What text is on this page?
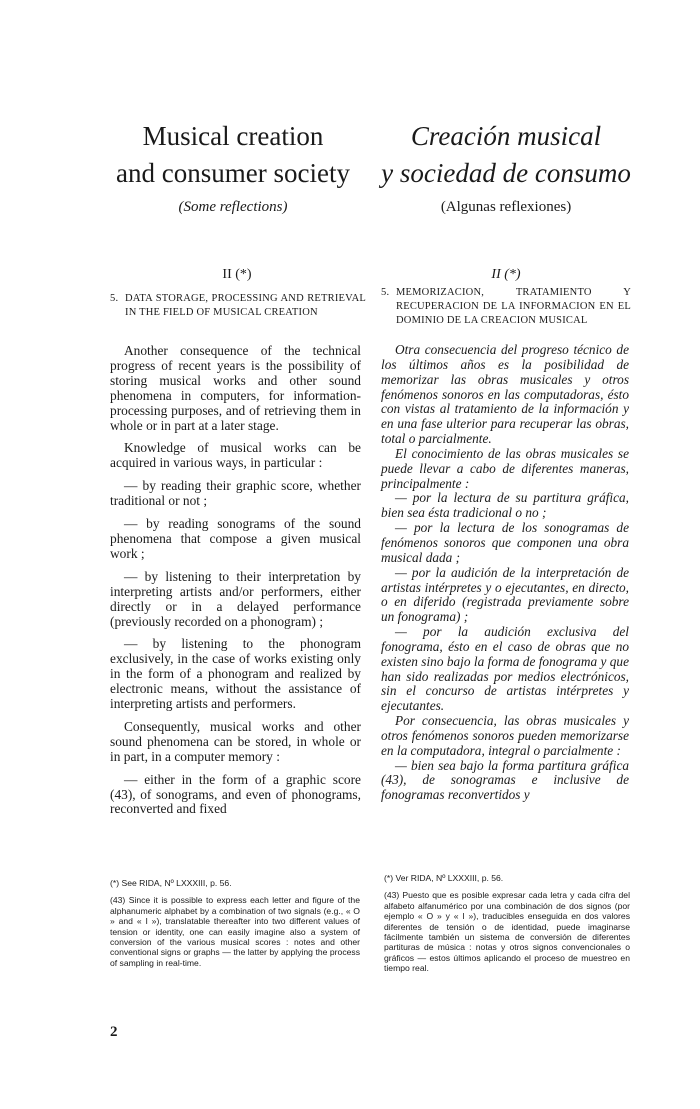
Musical creation
and consumer society
Creación musical
y sociedad de consumo
(Some reflections)	(Algunas reflexiones)
II (*)	II (*)
5. DATA STORAGE, PROCESSING AND RETRIEVAL IN THE FIELD OF MUSICAL CREATION
5. MEMORIZACION, TRATAMIENTO Y RECUPERACION DE LA INFORMACION EN EL DOMINIO DE LA CREACION MUSICAL

Another consequence of the technical progress of recent years is the possibility of storing musical works and other sound phenomena in computers, for information-processing purposes, and of retrieving them in whole or in part at a later stage.

Knowledge of musical works can be acquired in various ways, in particular :

— by reading their graphic score, whether traditional or not ;

— by reading sonograms of the sound phenomena that compose a given musical work ;

— by listening to their interpretation by interpreting artists and/or performers, either directly or in a delayed performance (previously recorded on a phonogram) ;

— by listening to the phonogram exclusively, in the case of works existing only in the form of a phonogram and realized by electronic means, without the assistance of interpreting artists and performers.

Consequently, musical works and other sound phenomena can be stored, in whole or in part, in a computer memory :

— either in the form of a graphic score (43), of sonograms, and even of phonograms, reconverted and fixed

Otra consecuencia del progreso técnico de los últimos años es la posibilidad de memorizar las obras musicales y otros fenómenos sonoros en las computadoras, ésto con vistas al tratamiento de la información y en una fase ulterior para recuperar las obras, total o parcialmente.

El conocimiento de las obras musicales se puede llevar a cabo de diferentes maneras, principalmente :

— por la lectura de su partitura gráfica, bien sea ésta tradicional o no ;

— por la lectura de los sonogramas de fenómenos sonoros que componen una obra musical dada ;

— por la audición de la interpretación de artistas intérpretes y o ejecutantes, en directo, o en diferido (registrada previamente sobre un fonograma) ;

— por la audición exclusiva del fonograma, ésto en el caso de obras que no existen sino bajo la forma de fonograma y que han sido realizadas por medios electrónicos, sin el concurso de artistas intérpretes y ejecutantes.

Por consecuencia, las obras musicales y otros fenómenos sonoros pueden memorizarse en la computadora, integral o parcialmente :

— bien sea bajo la forma partitura gráfica (43), de sonogramas e inclusive de fonogramas reconvertidos y

(*) See RIDA, Nº LXXXIII, p. 56.

(43) Since it is possible to express each letter and figure of the alphanumeric alphabet by a combination of two signals (e.g., « O » and « I »), translatable thereafter into two different values of tension or identity, one can easily imagine also a system of conversion of the various musical scores : notes and other conventional signs or graphs — the latter by applying the process of sampling in real-time.

(*) Ver RIDA, Nº LXXXIII, p. 56.

(43) Puesto que es posible expresar cada letra y cada cifra del alfabeto alfanumérico por una combinación de dos signos (por ejemplo « O » y « I »), traducibles enseguida en dos valores diferentes de tensión o de identidad, puede imaginarse fácilmente también un sistema de conversión de diferentes partituras de música : notas y otros signos convencionales o gráficos — estos últimos aplicando el proceso de muestreo en tiempo real.

2
